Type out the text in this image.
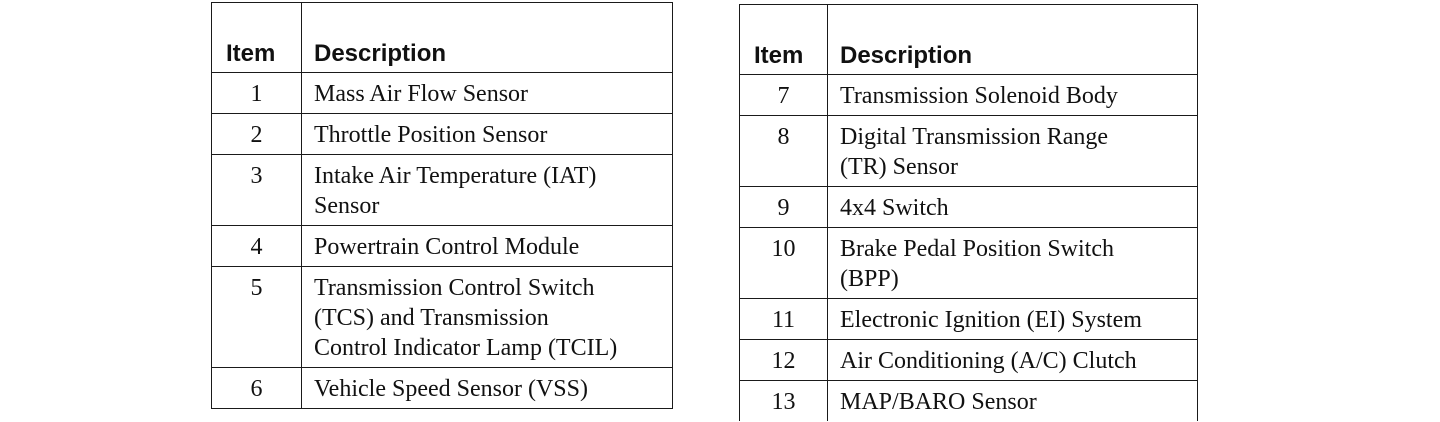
Item	Description
1	Mass Air Flow Sensor
2	Throttle Position Sensor
3	Intake Air Temperature (IAT)
Sensor
4	Powertrain Control Module
5	Transmission Control Switch
(TCS) and Transmission
Control Indicator Lamp (TCIL)
6	Vehicle Speed Sensor (VSS)
Item	Description
7	Transmission Solenoid Body
8	Digital Transmission Range
(TR) Sensor
9	4x4 Switch
10	Brake Pedal Position Switch
(BPP)
11	Electronic Ignition (EI) System
12	Air Conditioning (A/C) Clutch
13	MAP/BARO Sensor
